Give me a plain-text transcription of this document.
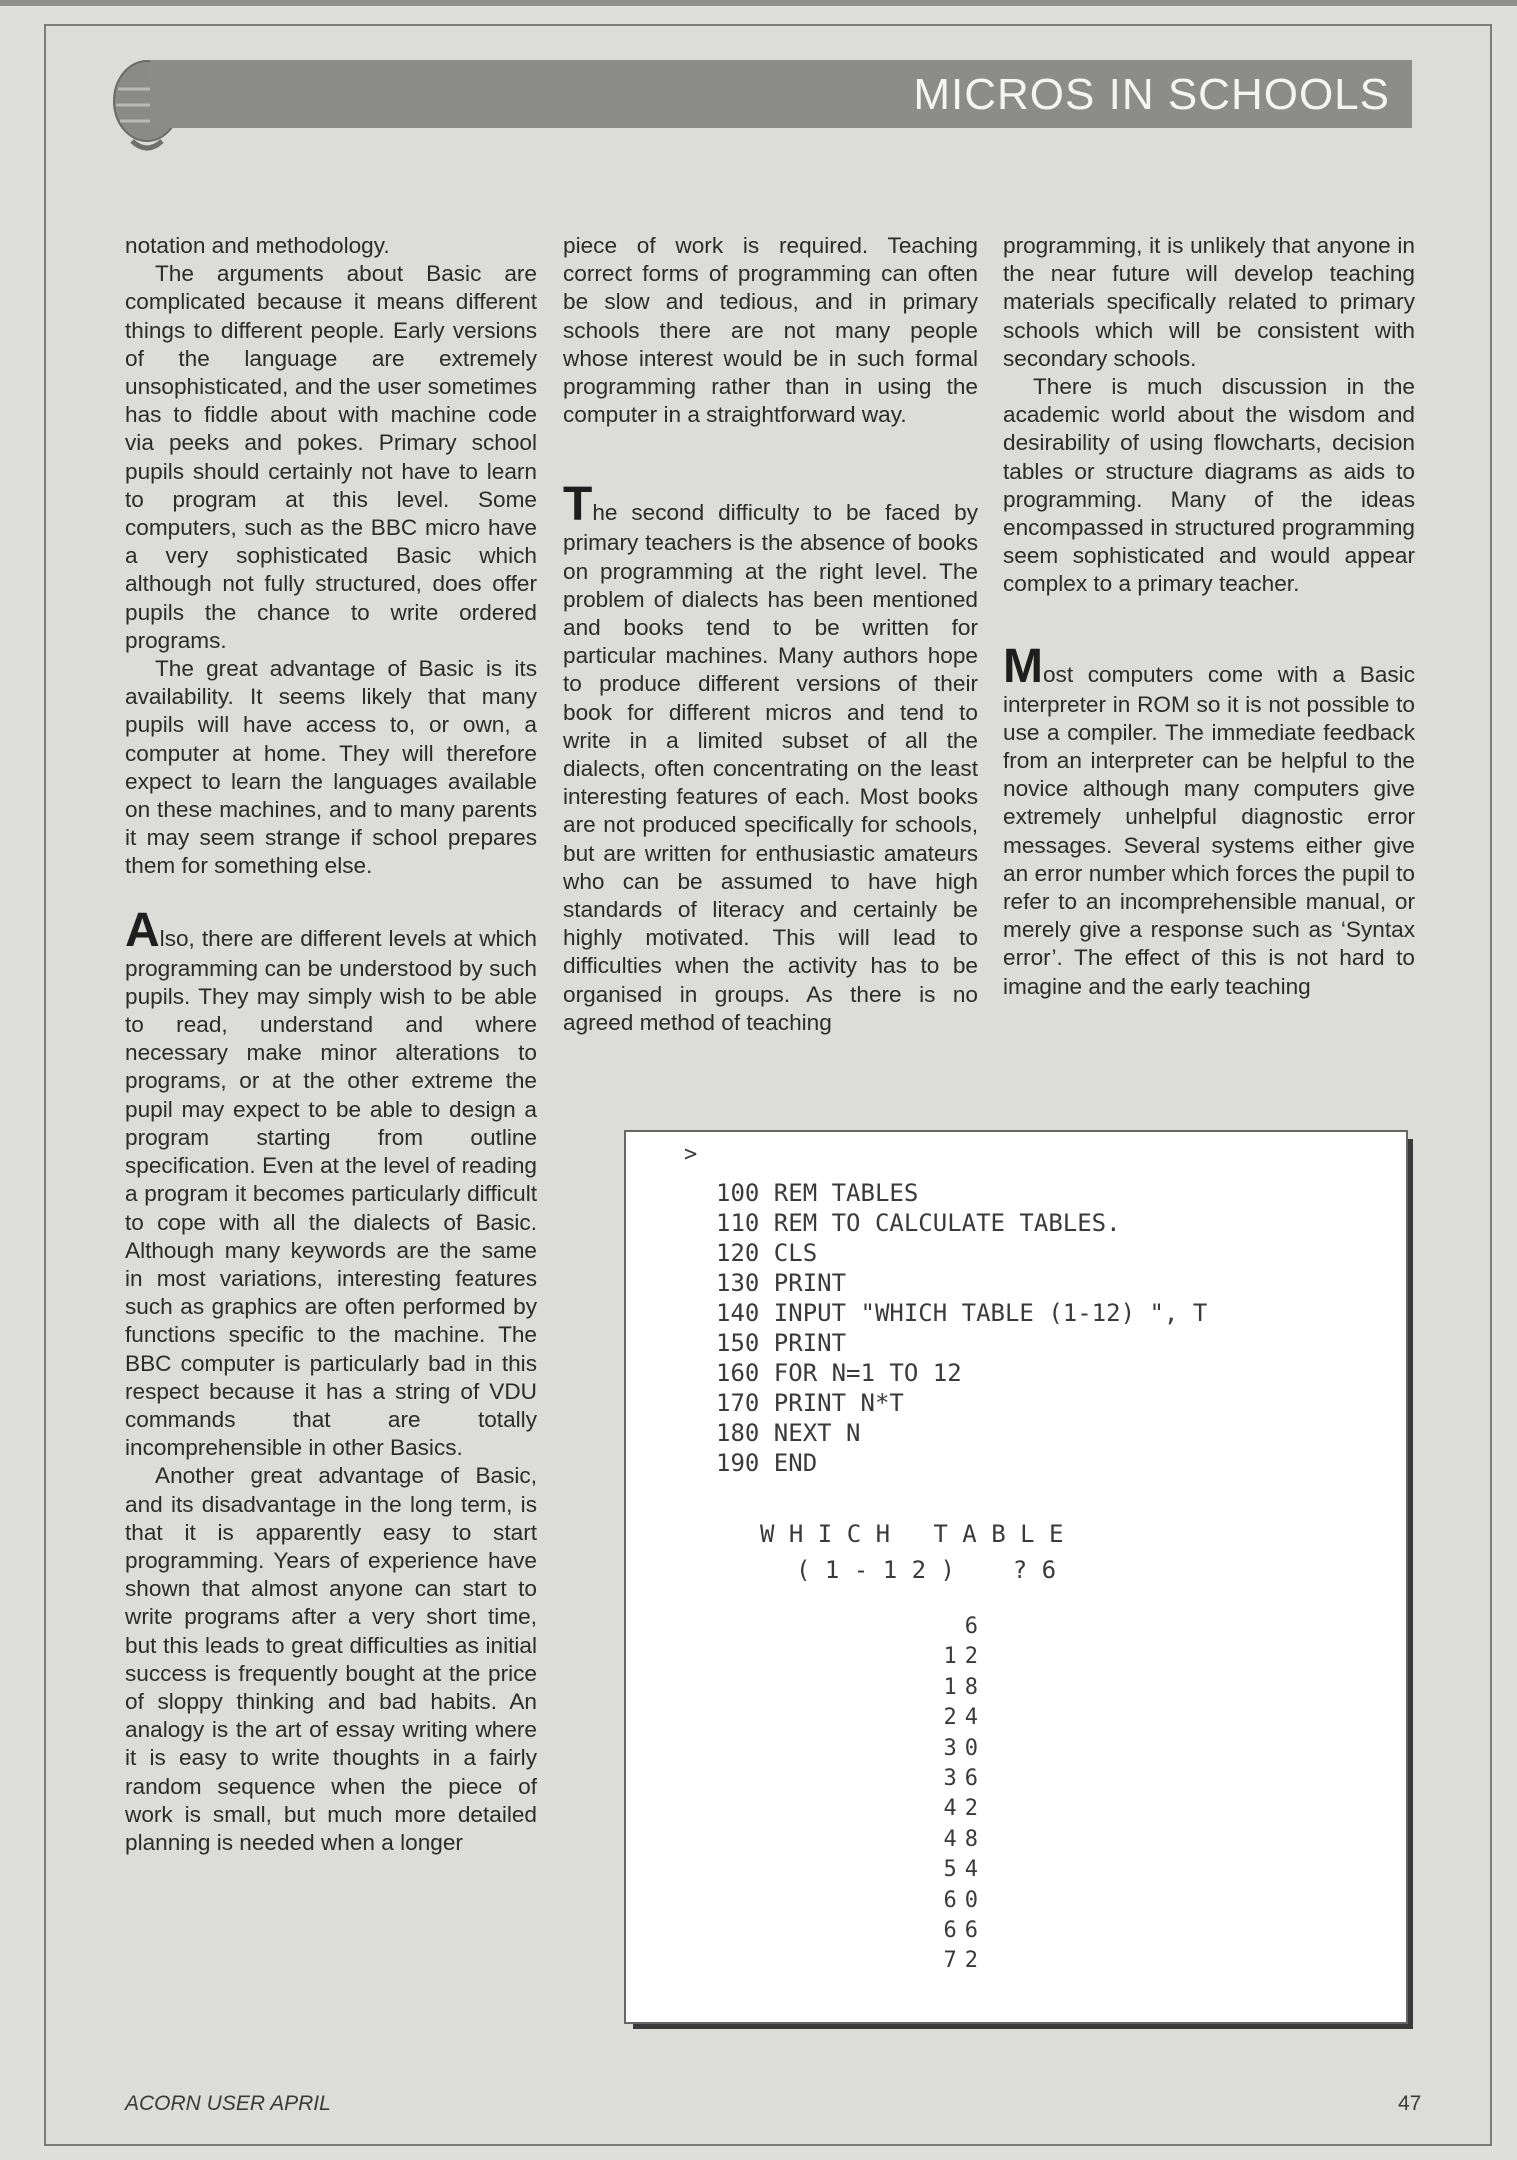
MICROS IN SCHOOLS

notation and methodology.

The arguments about Basic are complicated because it means different things to different people. Early versions of the language are extremely unsophisticated, and the user sometimes has to fiddle about with machine code via peeks and pokes. Primary school pupils should certainly not have to learn to program at this level. Some computers, such as the BBC micro have a very sophisticated Basic which although not fully structured, does offer pupils the chance to write ordered programs.

The great advantage of Basic is its availability. It seems likely that many pupils will have access to, or own, a computer at home. They will therefore expect to learn the languages available on these machines, and to many parents it may seem strange if school prepares them for something else.

Also, there are different levels at which programming can be understood by such pupils. They may simply wish to be able to read, understand and where necessary make minor alterations to programs, or at the other extreme the pupil may expect to be able to design a program starting from outline specification. Even at the level of reading a program it becomes particularly difficult to cope with all the dialects of Basic. Although many keywords are the same in most variations, interesting features such as graphics are often performed by functions specific to the machine. The BBC computer is particularly bad in this respect because it has a string of VDU commands that are totally incomprehensible in other Basics.

Another great advantage of Basic, and its disadvantage in the long term, is that it is apparently easy to start programming. Years of experience have shown that almost anyone can start to write programs after a very short time, but this leads to great difficulties as initial success is frequently bought at the price of sloppy thinking and bad habits. An analogy is the art of essay writing where it is easy to write thoughts in a fairly random sequence when the piece of work is small, but much more detailed planning is needed when a longer

piece of work is required. Teaching correct forms of programming can often be slow and tedious, and in primary schools there are not many people whose interest would be in such formal programming rather than in using the computer in a straightforward way.

The second difficulty to be faced by primary teachers is the absence of books on programming at the right level. The problem of dialects has been mentioned and books tend to be written for particular machines. Many authors hope to produce different versions of their book for different micros and tend to write in a limited subset of all the dialects, often concentrating on the least interesting features of each. Most books are not produced specifically for schools, but are written for enthusiastic amateurs who can be assumed to have high standards of literacy and certainly be highly motivated. This will lead to difficulties when the activity has to be organised in groups. As there is no agreed method of teaching

programming, it is unlikely that anyone in the near future will develop teaching materials specifically related to primary schools which will be consistent with secondary schools.

There is much discussion in the academic world about the wisdom and desirability of using flowcharts, decision tables or structure diagrams as aids to programming. Many of the ideas encompassed in structured programming seem sophisticated and would appear complex to a primary teacher.

Most computers come with a Basic interpreter in ROM so it is not possible to use a compiler. The immediate feedback from an interpreter can be helpful to the novice although many computers give extremely unhelpful diagnostic error messages. Several systems either give an error number which forces the pupil to refer to an incomprehensible manual, or merely give a response such as ‘Syntax error’. The effect of this is not hard to imagine and the early teaching

>
100 REM TABLES
110 REM TO CALCULATE TABLES.
120 CLS
130 PRINT
140 INPUT "WHICH TABLE (1-12) ", T
150 PRINT
160 FOR N=1 TO 12
170 PRINT N*T
180 NEXT N
190 END
W H I C H   T A B L E
( 1 - 1 2 )    ? 6
6
12
18
24
30
36
42
48
54
60
66
72
ACORN USER APRIL	47
